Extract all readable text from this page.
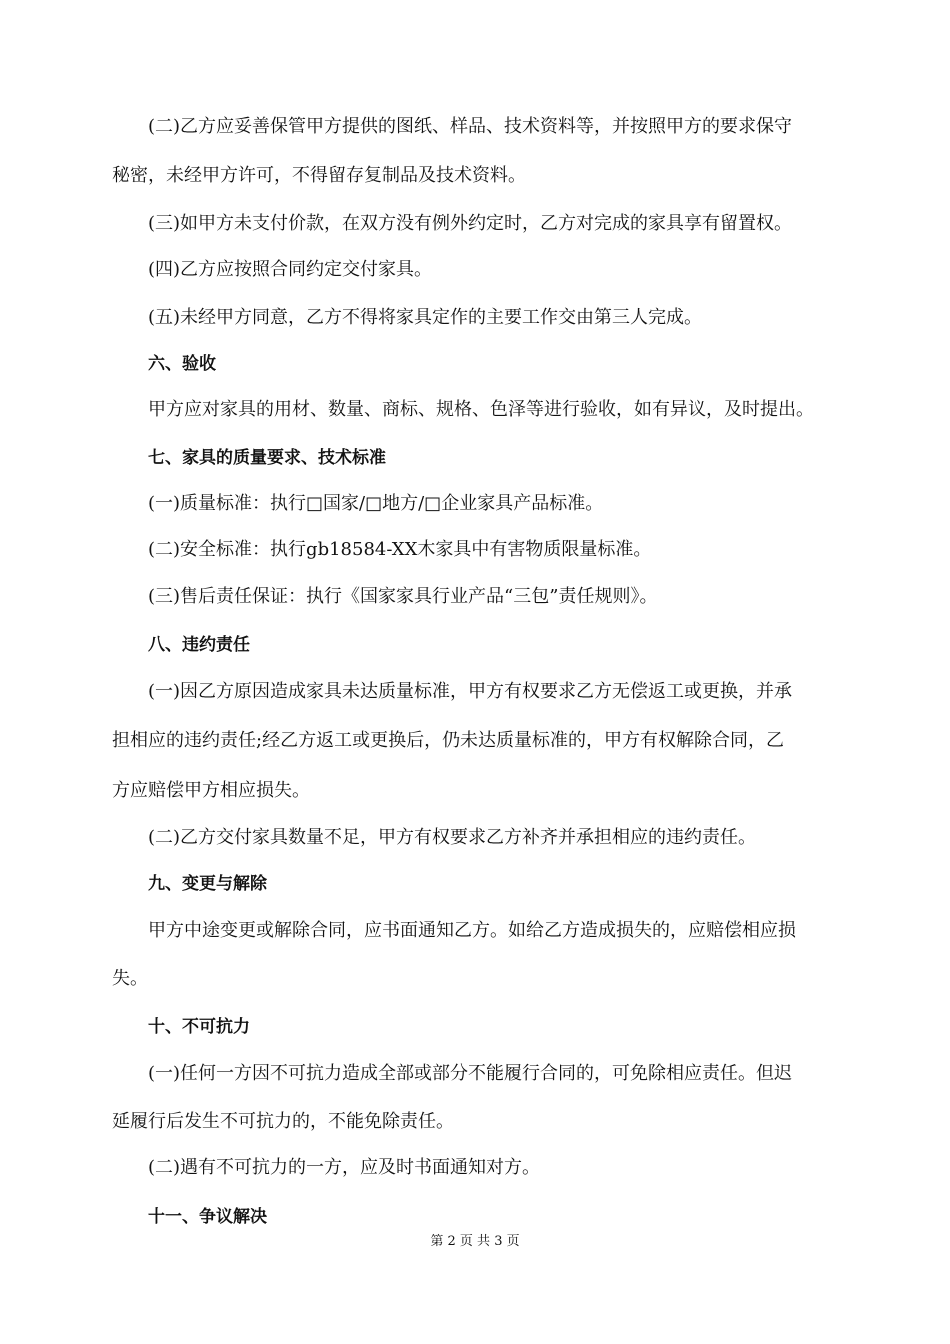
(二)乙方应妥善保管甲方提供的图纸、样品、技术资料等，并按照甲方的要求保守
秘密，未经甲方许可，不得留存复制品及技术资料。
(三)如甲方未支付价款，在双方没有例外约定时，乙方对完成的家具享有留置权。
(四)乙方应按照合同约定交付家具。
(五)未经甲方同意，乙方不得将家具定作的主要工作交由第三人完成。
六、验收
甲方应对家具的用材、数量、商标、规格、色泽等进行验收，如有异议，及时提出。
七、家具的质量要求、技术标准
(一)质量标准：执行□国家/□地方/□企业家具产品标准。
(二)安全标准：执行gb18584-XX木家具中有害物质限量标准。
(三)售后责任保证：执行《国家家具行业产品“三包”责任规则》。
八、违约责任
(一)因乙方原因造成家具未达质量标准，甲方有权要求乙方无偿返工或更换，并承
担相应的违约责任;经乙方返工或更换后，仍未达质量标准的，甲方有权解除合同，乙
方应赔偿甲方相应损失。
(二)乙方交付家具数量不足，甲方有权要求乙方补齐并承担相应的违约责任。
九、变更与解除
甲方中途变更或解除合同，应书面通知乙方。如给乙方造成损失的，应赔偿相应损
失。
十、不可抗力
(一)任何一方因不可抗力造成全部或部分不能履行合同的，可免除相应责任。但迟
延履行后发生不可抗力的，不能免除责任。
(二)遇有不可抗力的一方，应及时书面通知对方。
十一、争议解决
第 2 页 共 3 页
